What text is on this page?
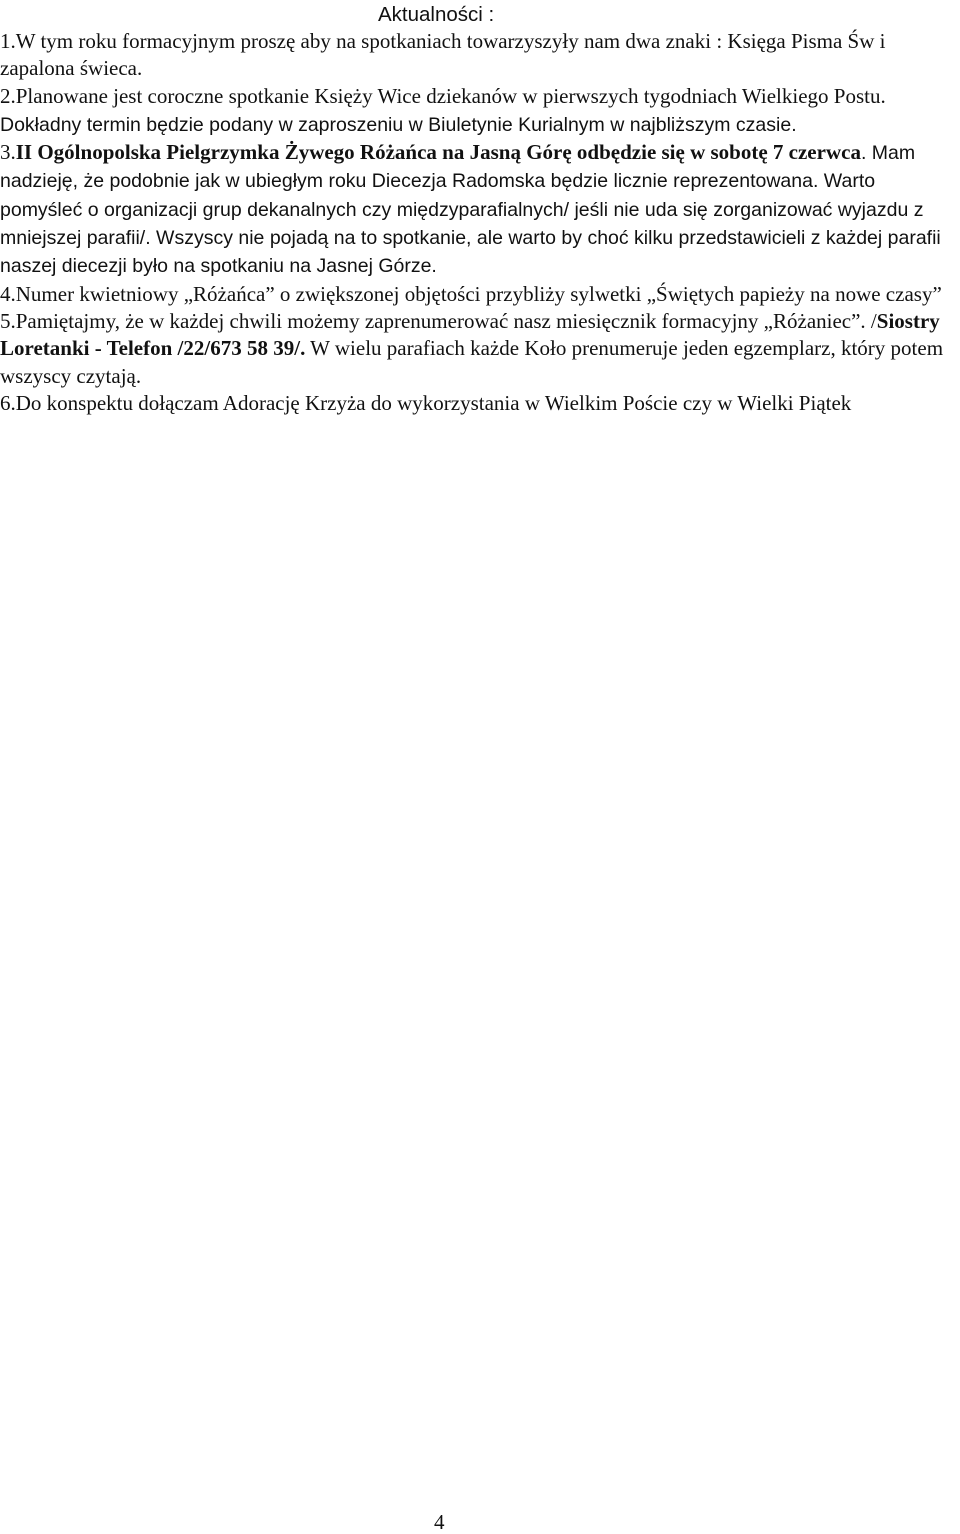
Aktualności :

1.W tym roku formacyjnym proszę aby na spotkaniach towarzyszyły nam dwa znaki : Księga Pisma Św i zapalona świeca.

2.Planowane jest coroczne spotkanie Księży Wice dziekanów w pierwszych tygodniach Wielkiego Postu. Dokładny termin będzie podany w zaproszeniu w Biuletynie Kurialnym w najbliższym czasie.

3.II Ogólnopolska Pielgrzymka Żywego Różańca na Jasną Górę odbędzie się w sobotę 7 czerwca. Mam nadzieję, że podobnie jak w ubiegłym roku Diecezja Radomska będzie licznie reprezentowana. Warto pomyśleć o organizacji grup dekanalnych czy międzyparafialnych/ jeśli nie uda się zorganizować wyjazdu z mniejszej parafii/. Wszyscy nie pojadą na to spotkanie, ale warto by choć kilku przedstawicieli z każdej parafii naszej diecezji było na spotkaniu na Jasnej Górze.

4.Numer kwietniowy „Różańca” o zwiększonej objętości przybliży sylwetki „Świętych papieży na nowe czasy”

5.Pamiętajmy, że w każdej chwili możemy zaprenumerować nasz miesięcznik formacyjny „Różaniec”. /Siostry Loretanki - Telefon /22/673 58 39/. W wielu parafiach każde Koło prenumeruje jeden egzemplarz, który potem wszyscy czytają.

6.Do konspektu dołączam Adorację Krzyża do wykorzystania w Wielkim Poście czy w Wielki Piątek

4
